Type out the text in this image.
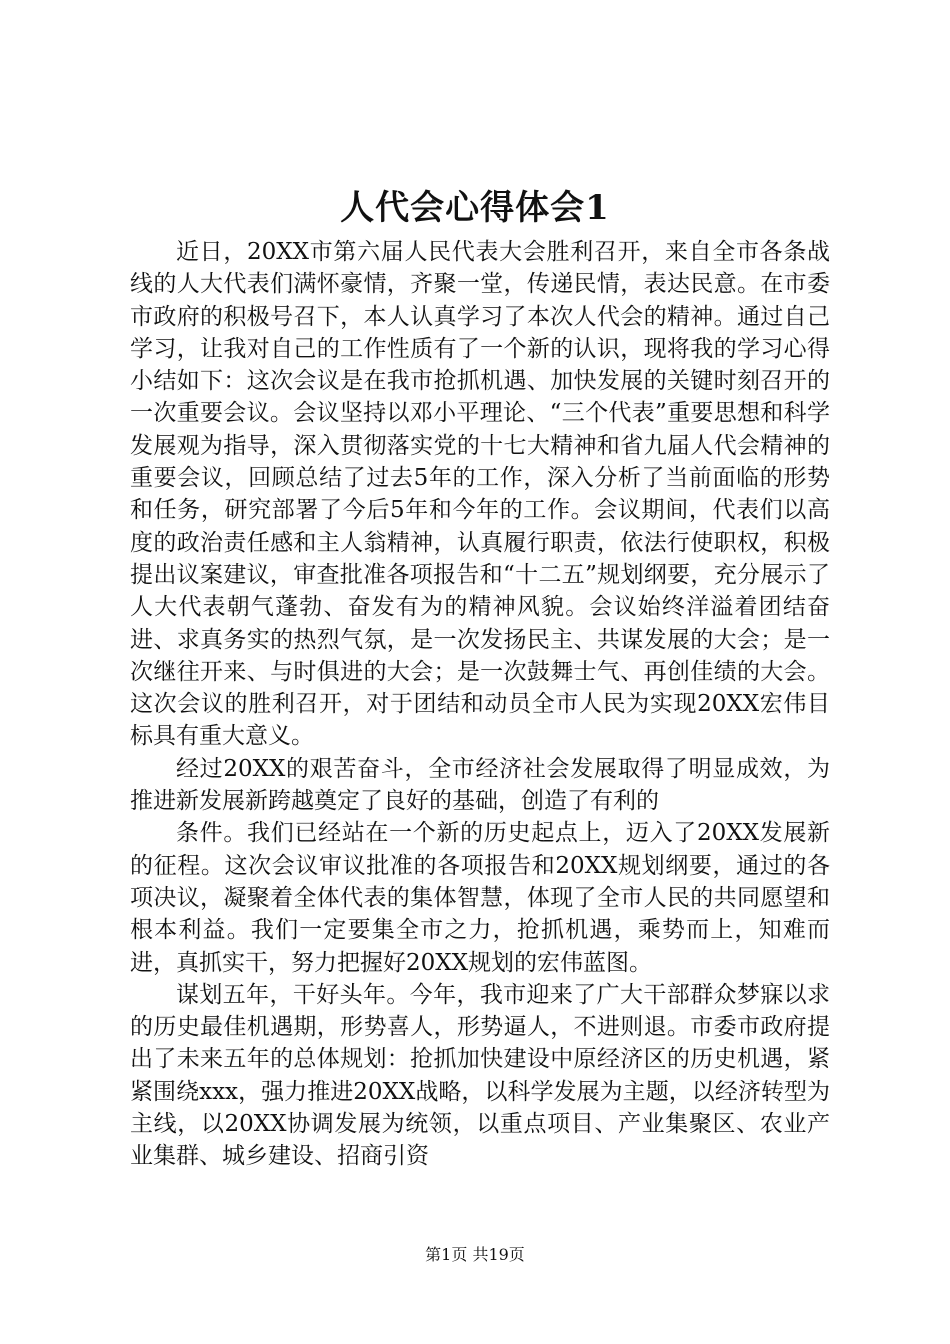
人代会心得体会1

近日，20XX市第六届人民代表大会胜利召开，来自全市各条战线的人大代表们满怀豪情，齐聚一堂，传递民情，表达民意。在市委市政府的积极号召下，本人认真学习了本次人代会的精神。通过自己学习，让我对自己的工作性质有了一个新的认识，现将我的学习心得小结如下：这次会议是在我市抢抓机遇、加快发展的关键时刻召开的一次重要会议。会议坚持以邓小平理论、“三个代表”重要思想和科学发展观为指导，深入贯彻落实党的十七大精神和省九届人代会精神的重要会议，回顾总结了过去5年的工作，深入分析了当前面临的形势和任务，研究部署了今后5年和今年的工作。会议期间，代表们以高度的政治责任感和主人翁精神，认真履行职责，依法行使职权，积极提出议案建议，审查批准各项报告和“十二五”规划纲要，充分展示了人大代表朝气蓬勃、奋发有为的精神风貌。会议始终洋溢着团结奋进、求真务实的热烈气氛，是一次发扬民主、共谋发展的大会；是一次继往开来、与时俱进的大会；是一次鼓舞士气、再创佳绩的大会。这次会议的胜利召开，对于团结和动员全市人民为实现20XX宏伟目标具有重大意义。

经过20XX的艰苦奋斗，全市经济社会发展取得了明显成效，为推进新发展新跨越奠定了良好的基础，创造了有利的

条件。我们已经站在一个新的历史起点上，迈入了20XX发展新的征程。这次会议审议批准的各项报告和20XX规划纲要，通过的各项决议，凝聚着全体代表的集体智慧，体现了全市人民的共同愿望和根本利益。我们一定要集全市之力，抢抓机遇，乘势而上，知难而进，真抓实干，努力把握好20XX规划的宏伟蓝图。

谋划五年，干好头年。今年，我市迎来了广大干部群众梦寐以求的历史最佳机遇期，形势喜人，形势逼人，不进则退。市委市政府提出了未来五年的总体规划：抢抓加快建设中原经济区的历史机遇，紧紧围绕xxx，强力推进20XX战略，以科学发展为主题，以经济转型为主线，以20XX协调发展为统领，以重点项目、产业集聚区、农业产业集群、城乡建设、招商引资

第1页 共19页
